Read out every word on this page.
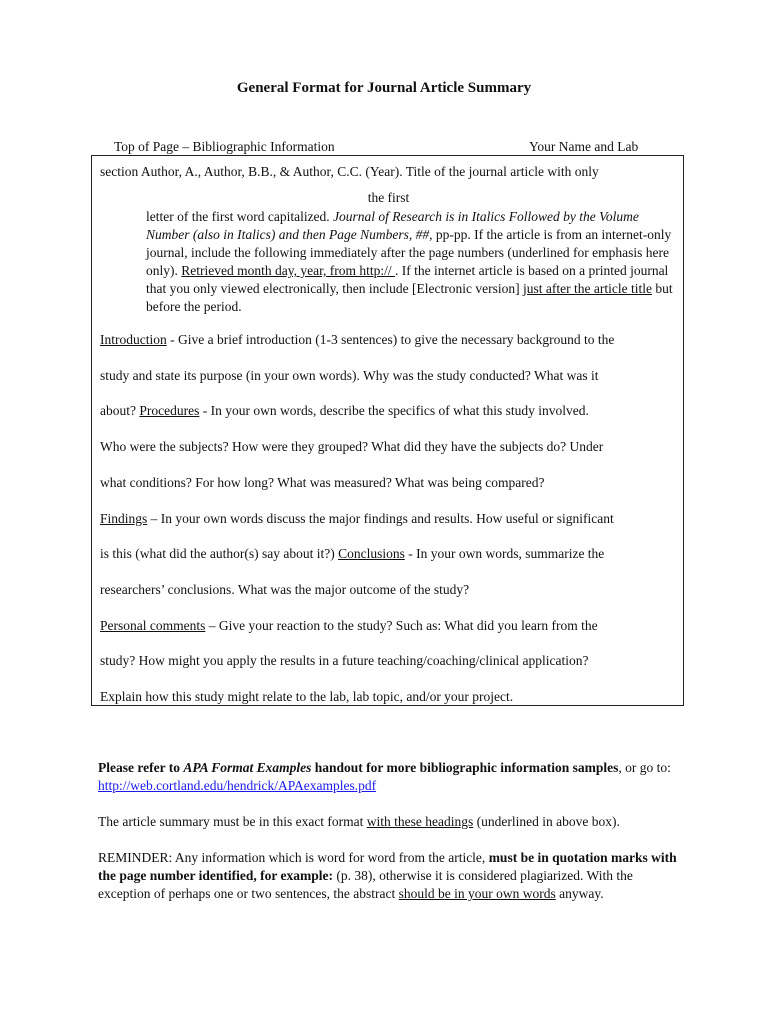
General Format for Journal Article Summary
Top of Page – Bibliographic Information	Your Name and Lab
section Author, A., Author, B.B., & Author, C.C. (Year). Title of the journal article with only
the first
letter of the first word capitalized. Journal of Research is in Italics Followed by the Volume Number (also in Italics) and then Page Numbers, ##, pp-pp. If the article is from an internet-only journal, include the following immediately after the page numbers (underlined for emphasis here only). Retrieved month day, year, from http:// . If the internet article is based on a printed journal that you only viewed electronically, then include [Electronic version] just after the article title but before the period.
Introduction - Give a brief introduction (1-3 sentences) to give the necessary background to the
study and state its purpose (in your own words). Why was the study conducted? What was it
about? Procedures - In your own words, describe the specifics of what this study involved.
Who were the subjects? How were they grouped? What did they have the subjects do? Under
what conditions? For how long? What was measured? What was being compared?
Findings – In your own words discuss the major findings and results. How useful or significant
is this (what did the author(s) say about it?) Conclusions - In your own words, summarize the
researchers’ conclusions. What was the major outcome of the study?
Personal comments – Give your reaction to the study? Such as: What did you learn from the
study? How might you apply the results in a future teaching/coaching/clinical application?
Explain how this study might relate to the lab, lab topic, and/or your project.
Please refer to APA Format Examples handout for more bibliographic information samples, or go to: http://web.cortland.edu/hendrick/APAexamples.pdf
The article summary must be in this exact format with these headings (underlined in above box).
REMINDER: Any information which is word for word from the article, must be in quotation marks with the page number identified, for example: (p. 38), otherwise it is considered plagiarized. With the exception of perhaps one or two sentences, the abstract should be in your own words anyway.
